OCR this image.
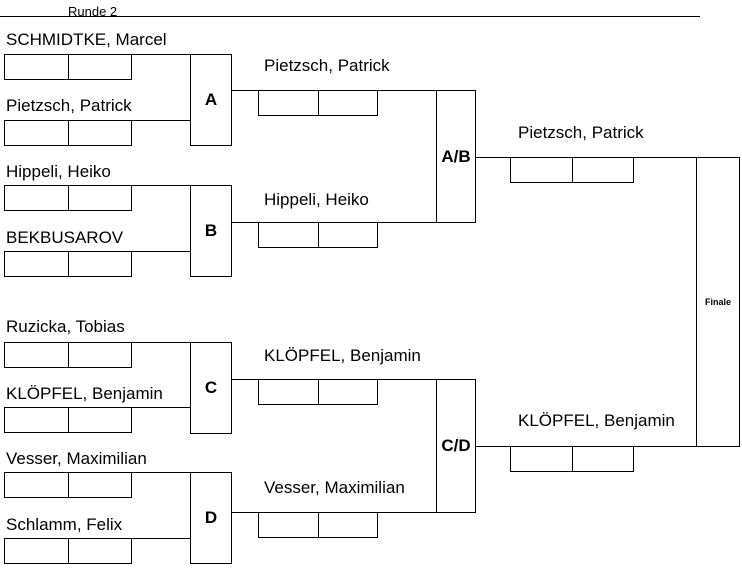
Runde 2
SCHMIDTKE, Marcel
Pietzsch, Patrick	A
Hippeli, Heiko
BEKBUSAROV	B
Ruzicka, Tobias
KLÖPFEL, Benjamin	C
Vesser, Maximilian
Schlamm, Felix	D
Pietzsch, Patrick
Hippeli, Heiko
A/B
KLÖPFEL, Benjamin
Vesser, Maximilian
C/D
Pietzsch, Patrick
KLÖPFEL, Benjamin
Finale
